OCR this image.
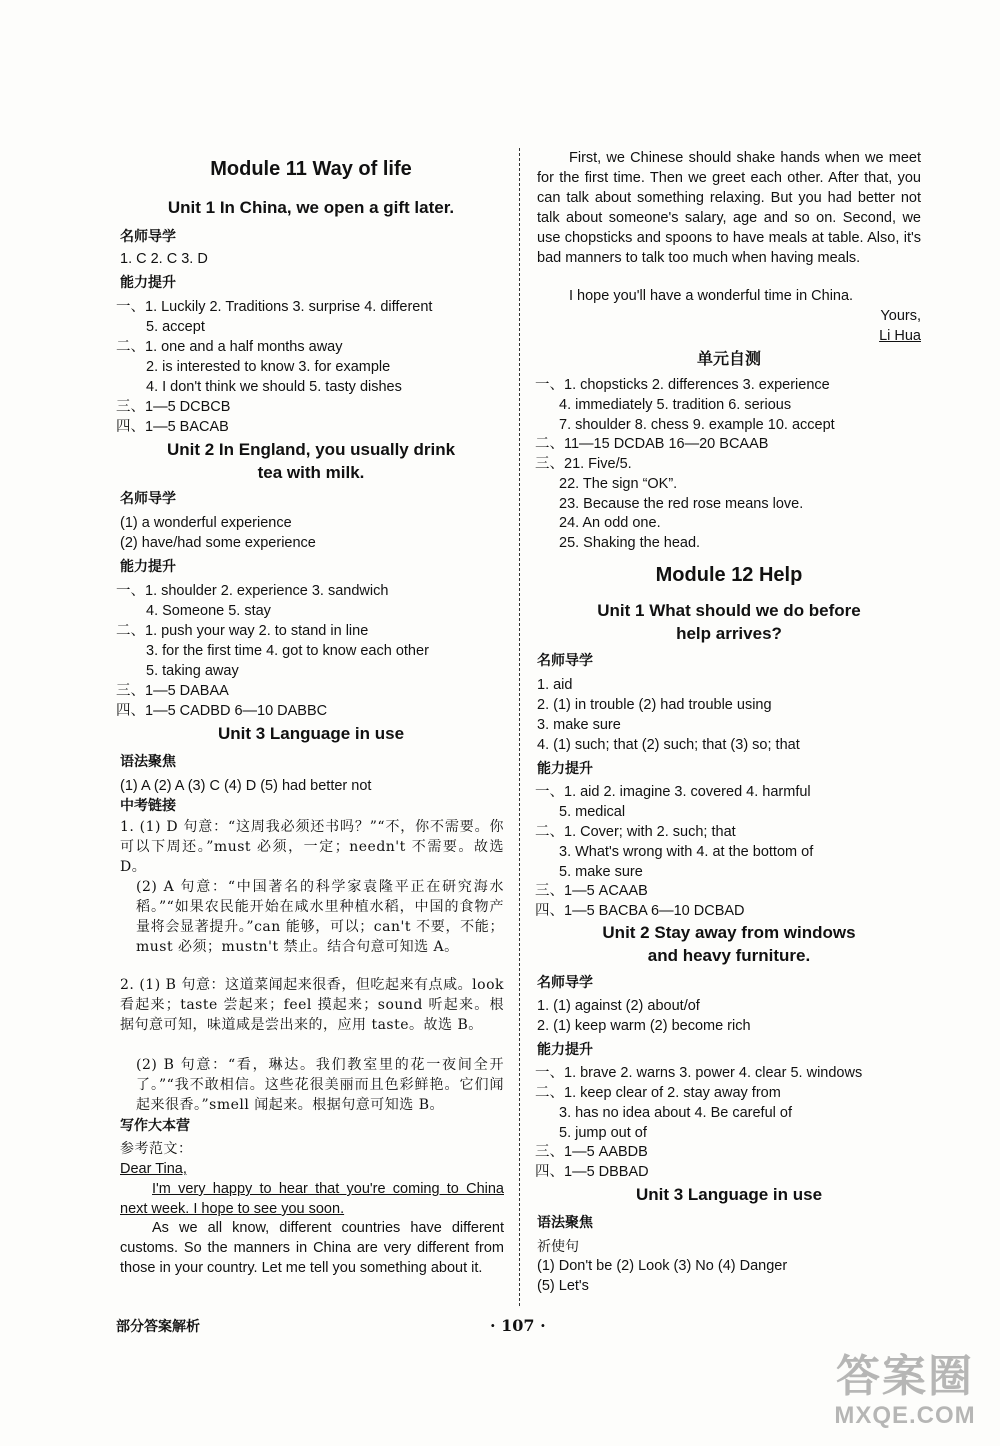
Module 11 Way of life
Unit 1 In China, we open a gift later.
名师导学
1. C 2. C 3. D
能力提升
一、1. Luckily 2. Traditions 3. surprise 4. different
5. accept
二、1. one and a half months away
2. is interested to know 3. for example
4. I don't think we should 5. tasty dishes
三、1—5 DCBCB
四、1—5 BACAB
Unit 2 In England, you usually drink
tea with milk.
名师导学
(1) a wonderful experience
(2) have/had some experience
能力提升
一、1. shoulder 2. experience 3. sandwich
4. Someone 5. stay
二、1. push your way 2. to stand in line
3. for the first time 4. got to know each other
5. taking away
三、1—5 DABAA
四、1—5 CADBD 6—10 DABBC
Unit 3 Language in use
语法聚焦
(1) A (2) A (3) C (4) D (5) had better not
中考链接
1. (1) D 句意：“这周我必须还书吗？”“不，你不需要。你可以下周还。”must 必须，一定；needn't 不需要。故选 D。
(2) A 句意：“中国著名的科学家袁隆平正在研究海水稻。”“如果农民能开始在咸水里种植水稻，中国的食物产量将会显著提升。”can 能够，可以；can't 不要，不能；must 必须；mustn't 禁止。结合句意可知选 A。
2. (1) B 句意：这道菜闻起来很香，但吃起来有点咸。look 看起来；taste 尝起来；feel 摸起来；sound 听起来。根据句意可知，味道咸是尝出来的，应用 taste。故选 B。
(2) B 句意：“看，琳达。我们教室里的花一夜间全开了。”“我不敢相信。这些花很美丽而且色彩鲜艳。它们闻起来很香。”smell 闻起来。根据句意可知选 B。
写作大本营
参考范文：
Dear Tina,
I'm very happy to hear that you're coming to China next week. I hope to see you soon.
As we all know, different countries have different customs. So the manners in China are very different from those in your country. Let me tell you something about it.
First, we Chinese should shake hands when we meet for the first time. Then we greet each other. After that, you can talk about something relaxing. But you had better not talk about someone's salary, age and so on. Second, we use chopsticks and spoons to have meals at table. Also, it's bad manners to talk too much when having meals.
I hope you'll have a wonderful time in China.
Yours,
Li Hua
单元自测
一、1. chopsticks 2. differences 3. experience
4. immediately 5. tradition 6. serious
7. shoulder 8. chess 9. example 10. accept
二、11—15 DCDAB 16—20 BCAAB
三、21. Five/5.
22. The sign “OK”.
23. Because the red rose means love.
24. An odd one.
25. Shaking the head.
Module 12 Help
Unit 1 What should we do before
help arrives?
名师导学
1. aid
2. (1) in trouble (2) had trouble using
3. make sure
4. (1) such; that (2) such; that (3) so; that
能力提升
一、1. aid 2. imagine 3. covered 4. harmful
5. medical
二、1. Cover; with 2. such; that
3. What's wrong with 4. at the bottom of
5. make sure
三、1—5 ACAAB
四、1—5 BACBA 6—10 DCBAD
Unit 2 Stay away from windows
and heavy furniture.
名师导学
1. (1) against (2) about/of
2. (1) keep warm (2) become rich
能力提升
一、1. brave 2. warns 3. power 4. clear 5. windows
二、1. keep clear of 2. stay away from
3. has no idea about 4. Be careful of
5. jump out of
三、1—5 AABDB
四、1—5 DBBAD
Unit 3 Language in use
语法聚焦
祈使句
(1) Don't be (2) Look (3) No (4) Danger
(5) Let's
部分答案解析	· 107 ·
答案圈
MXQE.COM
